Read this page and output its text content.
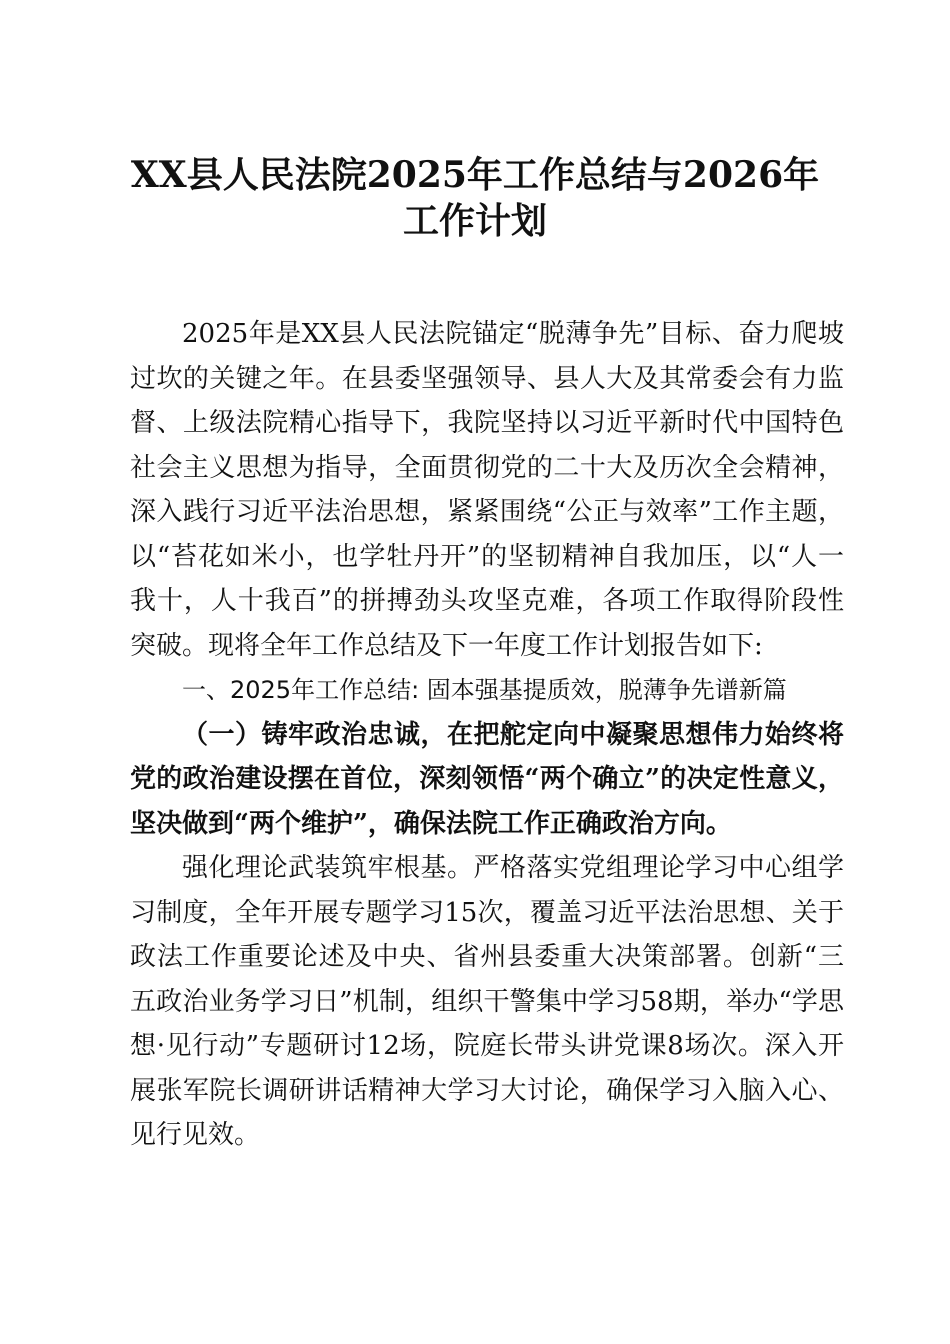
XX县人民法院2025年工作总结与2026年工作计划

2025年是XX县人民法院锚定“脱薄争先”目标、奋力爬坡过坎的关键之年。在县委坚强领导、县人大及其常委会有力监督、上级法院精心指导下，我院坚持以习近平新时代中国特色社会主义思想为指导，全面贯彻党的二十大及历次全会精神，深入践行习近平法治思想，紧紧围绕“公正与效率”工作主题，以“苔花如米小，也学牡丹开”的坚韧精神自我加压，以“人一我十，人十我百”的拼搏劲头攻坚克难，各项工作取得阶段性突破。现将全年工作总结及下一年度工作计划报告如下:

一、2025年工作总结: 固本强基提质效，脱薄争先谱新篇

（一）铸牢政治忠诚，在把舵定向中凝聚思想伟力始终将党的政治建设摆在首位，深刻领悟“两个确立”的决定性意义，坚决做到“两个维护”，确保法院工作正确政治方向。

强化理论武装筑牢根基。严格落实党组理论学习中心组学习制度，全年开展专题学习15次，覆盖习近平法治思想、关于政法工作重要论述及中央、省州县委重大决策部署。创新“三五政治业务学习日”机制，组织干警集中学习58期，举办“学思想·见行动”专题研讨12场，院庭长带头讲党课8场次。深入开展张军院长调研讲话精神大学习大讨论，确保学习入脑入心、见行见效。
